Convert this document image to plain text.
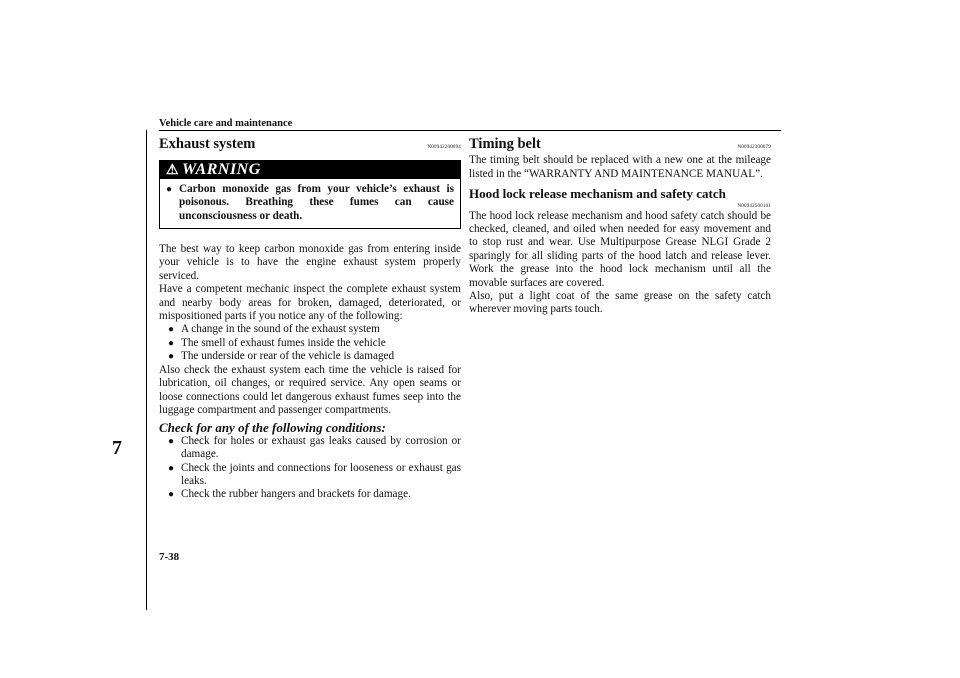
Vehicle care and maintenance
7
7-38
Exhaust system	N00942200094
⚠ WARNING
● Carbon monoxide gas from your vehicle’s exhaust is poisonous. Breathing these fumes can cause unconsciousness or death.

The best way to keep carbon monoxide gas from entering inside your vehicle is to have the engine exhaust system properly serviced.

Have a competent mechanic inspect the complete exhaust system and nearby body areas for broken, damaged, deteriorated, or mispositioned parts if you notice any of the following:

● A change in the sound of the exhaust system
● The smell of exhaust fumes inside the vehicle
● The underside or rear of the vehicle is damaged

Also check the exhaust system each time the vehicle is raised for lubrication, oil changes, or required service. Any open seams or loose connections could let dangerous exhaust fumes seep into the luggage compartment and passenger compartments.

Check for any of the following conditions:
● Check for holes or exhaust gas leaks caused by corrosion or damage.
● Check the joints and connections for looseness or exhaust gas leaks.
● Check the rubber hangers and brackets for damage.
Timing belt	N00942300079

The timing belt should be replaced with a new one at the mileage listed in the “WARRANTY AND MAINTENANCE MANUAL”.

Hood lock release mechanism and safety catch
N00942500101

The hood lock release mechanism and hood safety catch should be checked, cleaned, and oiled when needed for easy movement and to stop rust and wear. Use Multipurpose Grease NLGI Grade 2 sparingly for all sliding parts of the hood latch and release lever. Work the grease into the hood lock mechanism until all the movable surfaces are covered.

Also, put a light coat of the same grease on the safety catch wherever moving parts touch.
